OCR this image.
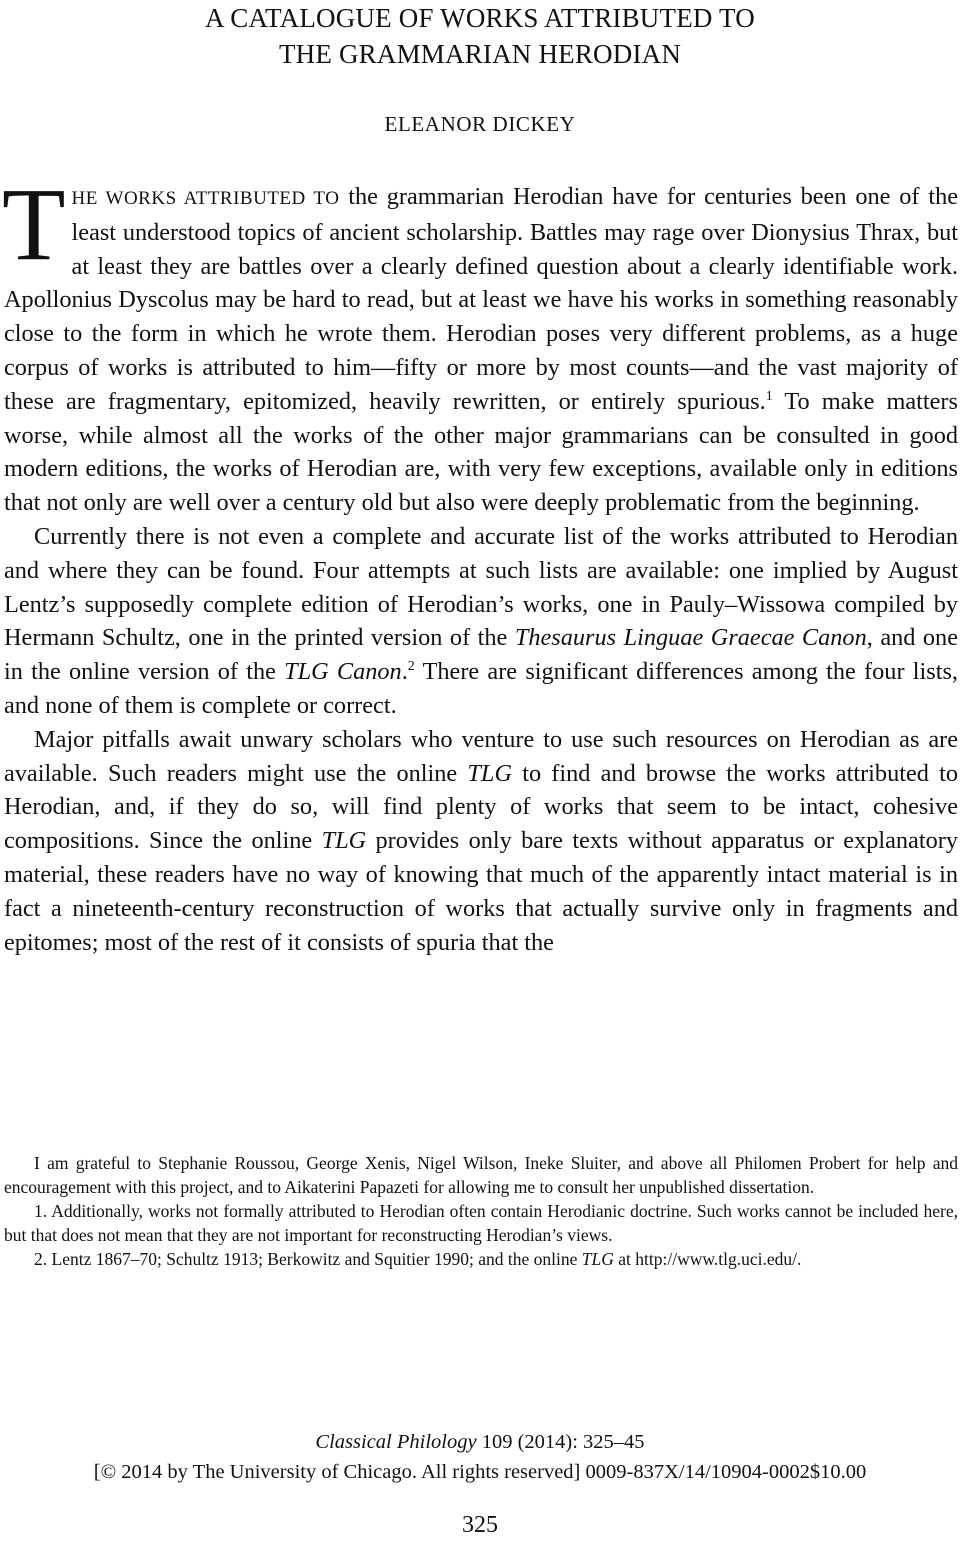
A CATALOGUE OF WORKS ATTRIBUTED TO
THE GRAMMARIAN HERODIAN
ELEANOR DICKEY

THE WORKS ATTRIBUTED TO the grammarian Herodian have for centuries been one of the least understood topics of ancient scholarship. Battles may rage over Dionysius Thrax, but at least they are battles over a clearly defined question about a clearly identifiable work. Apollonius Dyscolus may be hard to read, but at least we have his works in something reasonably close to the form in which he wrote them. Herodian poses very different problems, as a huge corpus of works is attributed to him—fifty or more by most counts—and the vast majority of these are fragmentary, epitomized, heavily rewritten, or entirely spurious.$^1$ To make matters worse, while almost all the works of the other major grammarians can be consulted in good modern editions, the works of Herodian are, with very few exceptions, available only in editions that not only are well over a century old but also were deeply problematic from the beginning.

Currently there is not even a complete and accurate list of the works attributed to Herodian and where they can be found. Four attempts at such lists are available: one implied by August Lentz’s supposedly complete edition of Herodian’s works, one in Pauly–Wissowa compiled by Hermann Schultz, one in the printed version of the Thesaurus Linguae Graecae Canon, and one in the online version of the TLG Canon.$^2$ There are significant differences among the four lists, and none of them is complete or correct.

Major pitfalls await unwary scholars who venture to use such resources on Herodian as are available. Such readers might use the online TLG to find and browse the works attributed to Herodian, and, if they do so, will find plenty of works that seem to be intact, cohesive compositions. Since the online TLG provides only bare texts without apparatus or explanatory material, these readers have no way of knowing that much of the apparently intact material is in fact a nineteenth-century reconstruction of works that actually survive only in fragments and epitomes; most of the rest of it consists of spuria that the

I am grateful to Stephanie Roussou, George Xenis, Nigel Wilson, Ineke Sluiter, and above all Philomen Probert for help and encouragement with this project, and to Aikaterini Papazeti for allowing me to consult her unpublished dissertation.

1. Additionally, works not formally attributed to Herodian often contain Herodianic doctrine. Such works cannot be included here, but that does not mean that they are not important for reconstructing Herodian’s views.

2. Lentz 1867–70; Schultz 1913; Berkowitz and Squitier 1990; and the online TLG at http://www.tlg.uci.edu/.

Classical Philology 109 (2014): 325–45
[© 2014 by The University of Chicago. All rights reserved] 0009-837X/14/10904-0002$10.00
325
